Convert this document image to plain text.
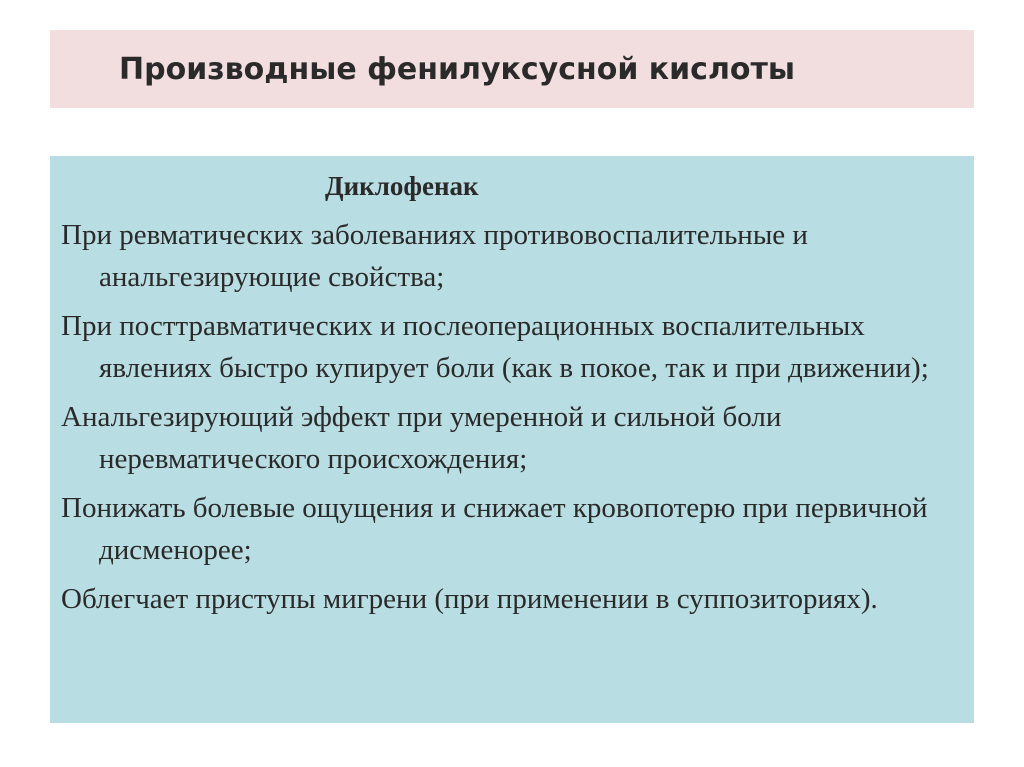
Производные фенилуксусной кислоты
Диклофенак
При ревматических заболеваниях противовоспалительные и анальгезирующие свойства;
При посттравматических и послеоперационных воспалительных явлениях быстро купирует боли (как в покое, так и при движении);
Анальгезирующий эффект при умеренной и сильной боли неревматического происхождения;
Понижать болевые ощущения и снижает кровопотерю при первичной дисменорее;
Облегчает приступы мигрени (при применении в суппозиториях).
